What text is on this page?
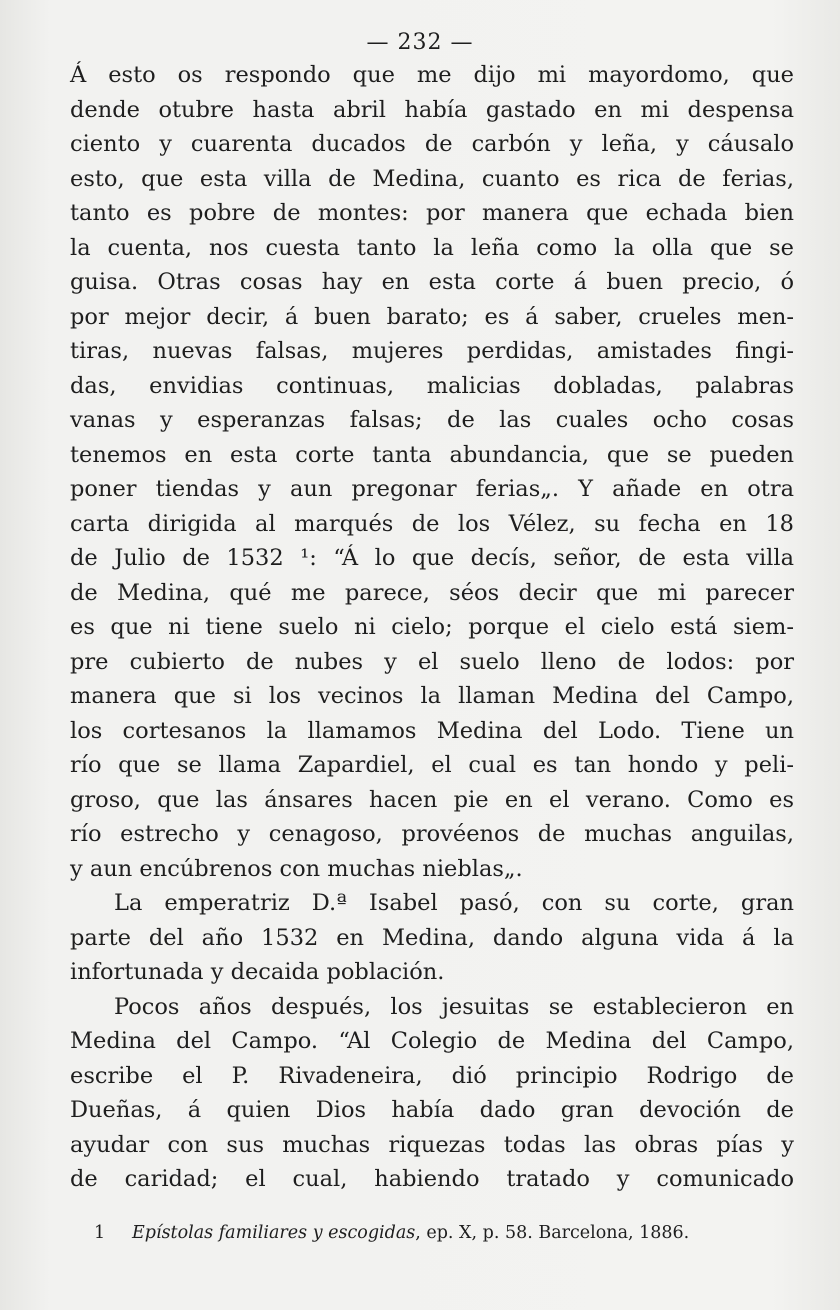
— 232 —
Á esto os respondo que me dijo mi mayordomo, que
dende otubre hasta abril había gastado en mi despensa
ciento y cuarenta ducados de carbón y leña, y cáusalo
esto, que esta villa de Medina, cuanto es rica de ferias,
tanto es pobre de montes: por manera que echada bien
la cuenta, nos cuesta tanto la leña como la olla que se
guisa. Otras cosas hay en esta corte á buen precio, ó
por mejor decir, á buen barato; es á saber, crueles men-
tiras, nuevas falsas, mujeres perdidas, amistades fingi-
das, envidias continuas, malicias dobladas, palabras
vanas y esperanzas falsas; de las cuales ocho cosas
tenemos en esta corte tanta abundancia, que se pueden
poner tiendas y aun pregonar ferias„. Y añade en otra
carta dirigida al marqués de los Vélez, su fecha en 18
de Julio de 1532 ¹: “Á lo que decís, señor, de esta villa
de Medina, qué me parece, séos decir que mi parecer
es que ni tiene suelo ni cielo; porque el cielo está siem-
pre cubierto de nubes y el suelo lleno de lodos: por
manera que si los vecinos la llaman Medina del Campo,
los cortesanos la llamamos Medina del Lodo. Tiene un
río que se llama Zapardiel, el cual es tan hondo y peli-
groso, que las ánsares hacen pie en el verano. Como es
río estrecho y cenagoso, provéenos de muchas anguilas,
y aun encúbrenos con muchas nieblas„.
La emperatriz D.ª Isabel pasó, con su corte, gran
parte del año 1532 en Medina, dando alguna vida á la
infortunada y decaida población.
Pocos años después, los jesuitas se establecieron en
Medina del Campo. “Al Colegio de Medina del Campo,
escribe el P. Rivadeneira, dió principio Rodrigo de
Dueñas, á quien Dios había dado gran devoción de
ayudar con sus muchas riquezas todas las obras pías y
de caridad; el cual, habiendo tratado y comunicado
1 Epístolas familiares y escogidas, ep. X, p. 58. Barcelona, 1886.
